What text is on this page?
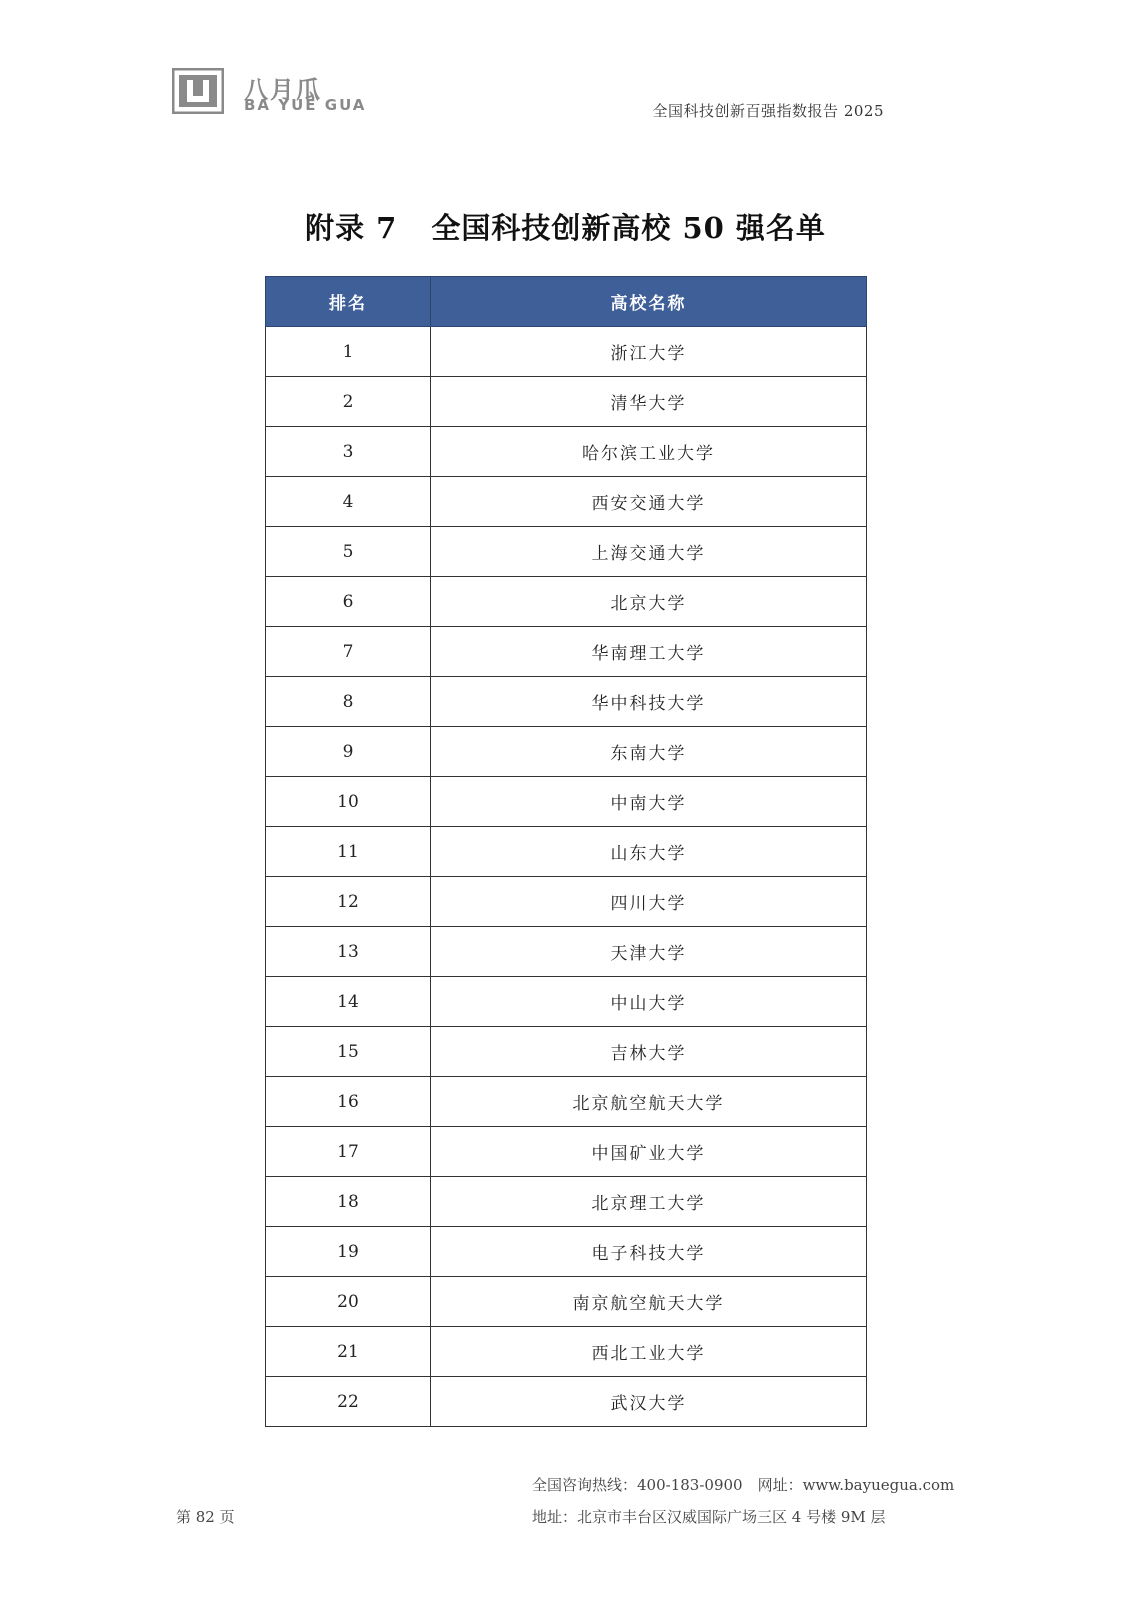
八月瓜
BA YUE GUA	全国科技创新百强指数报告 2025
附录 7 全国科技创新高校 50 强名单
排名	高校名称
1	浙江大学
2	清华大学
3	哈尔滨工业大学
4	西安交通大学
5	上海交通大学
6	北京大学
7	华南理工大学
8	华中科技大学
9	东南大学
10	中南大学
11	山东大学
12	四川大学
13	天津大学
14	中山大学
15	吉林大学
16	北京航空航天大学
17	中国矿业大学
18	北京理工大学
19	电子科技大学
20	南京航空航天大学
21	西北工业大学
22	武汉大学
第 82 页
全国咨询热线：400-183-0900　网址：www.bayuegua.com
地址：北京市丰台区汉威国际广场三区 4 号楼 9M 层
